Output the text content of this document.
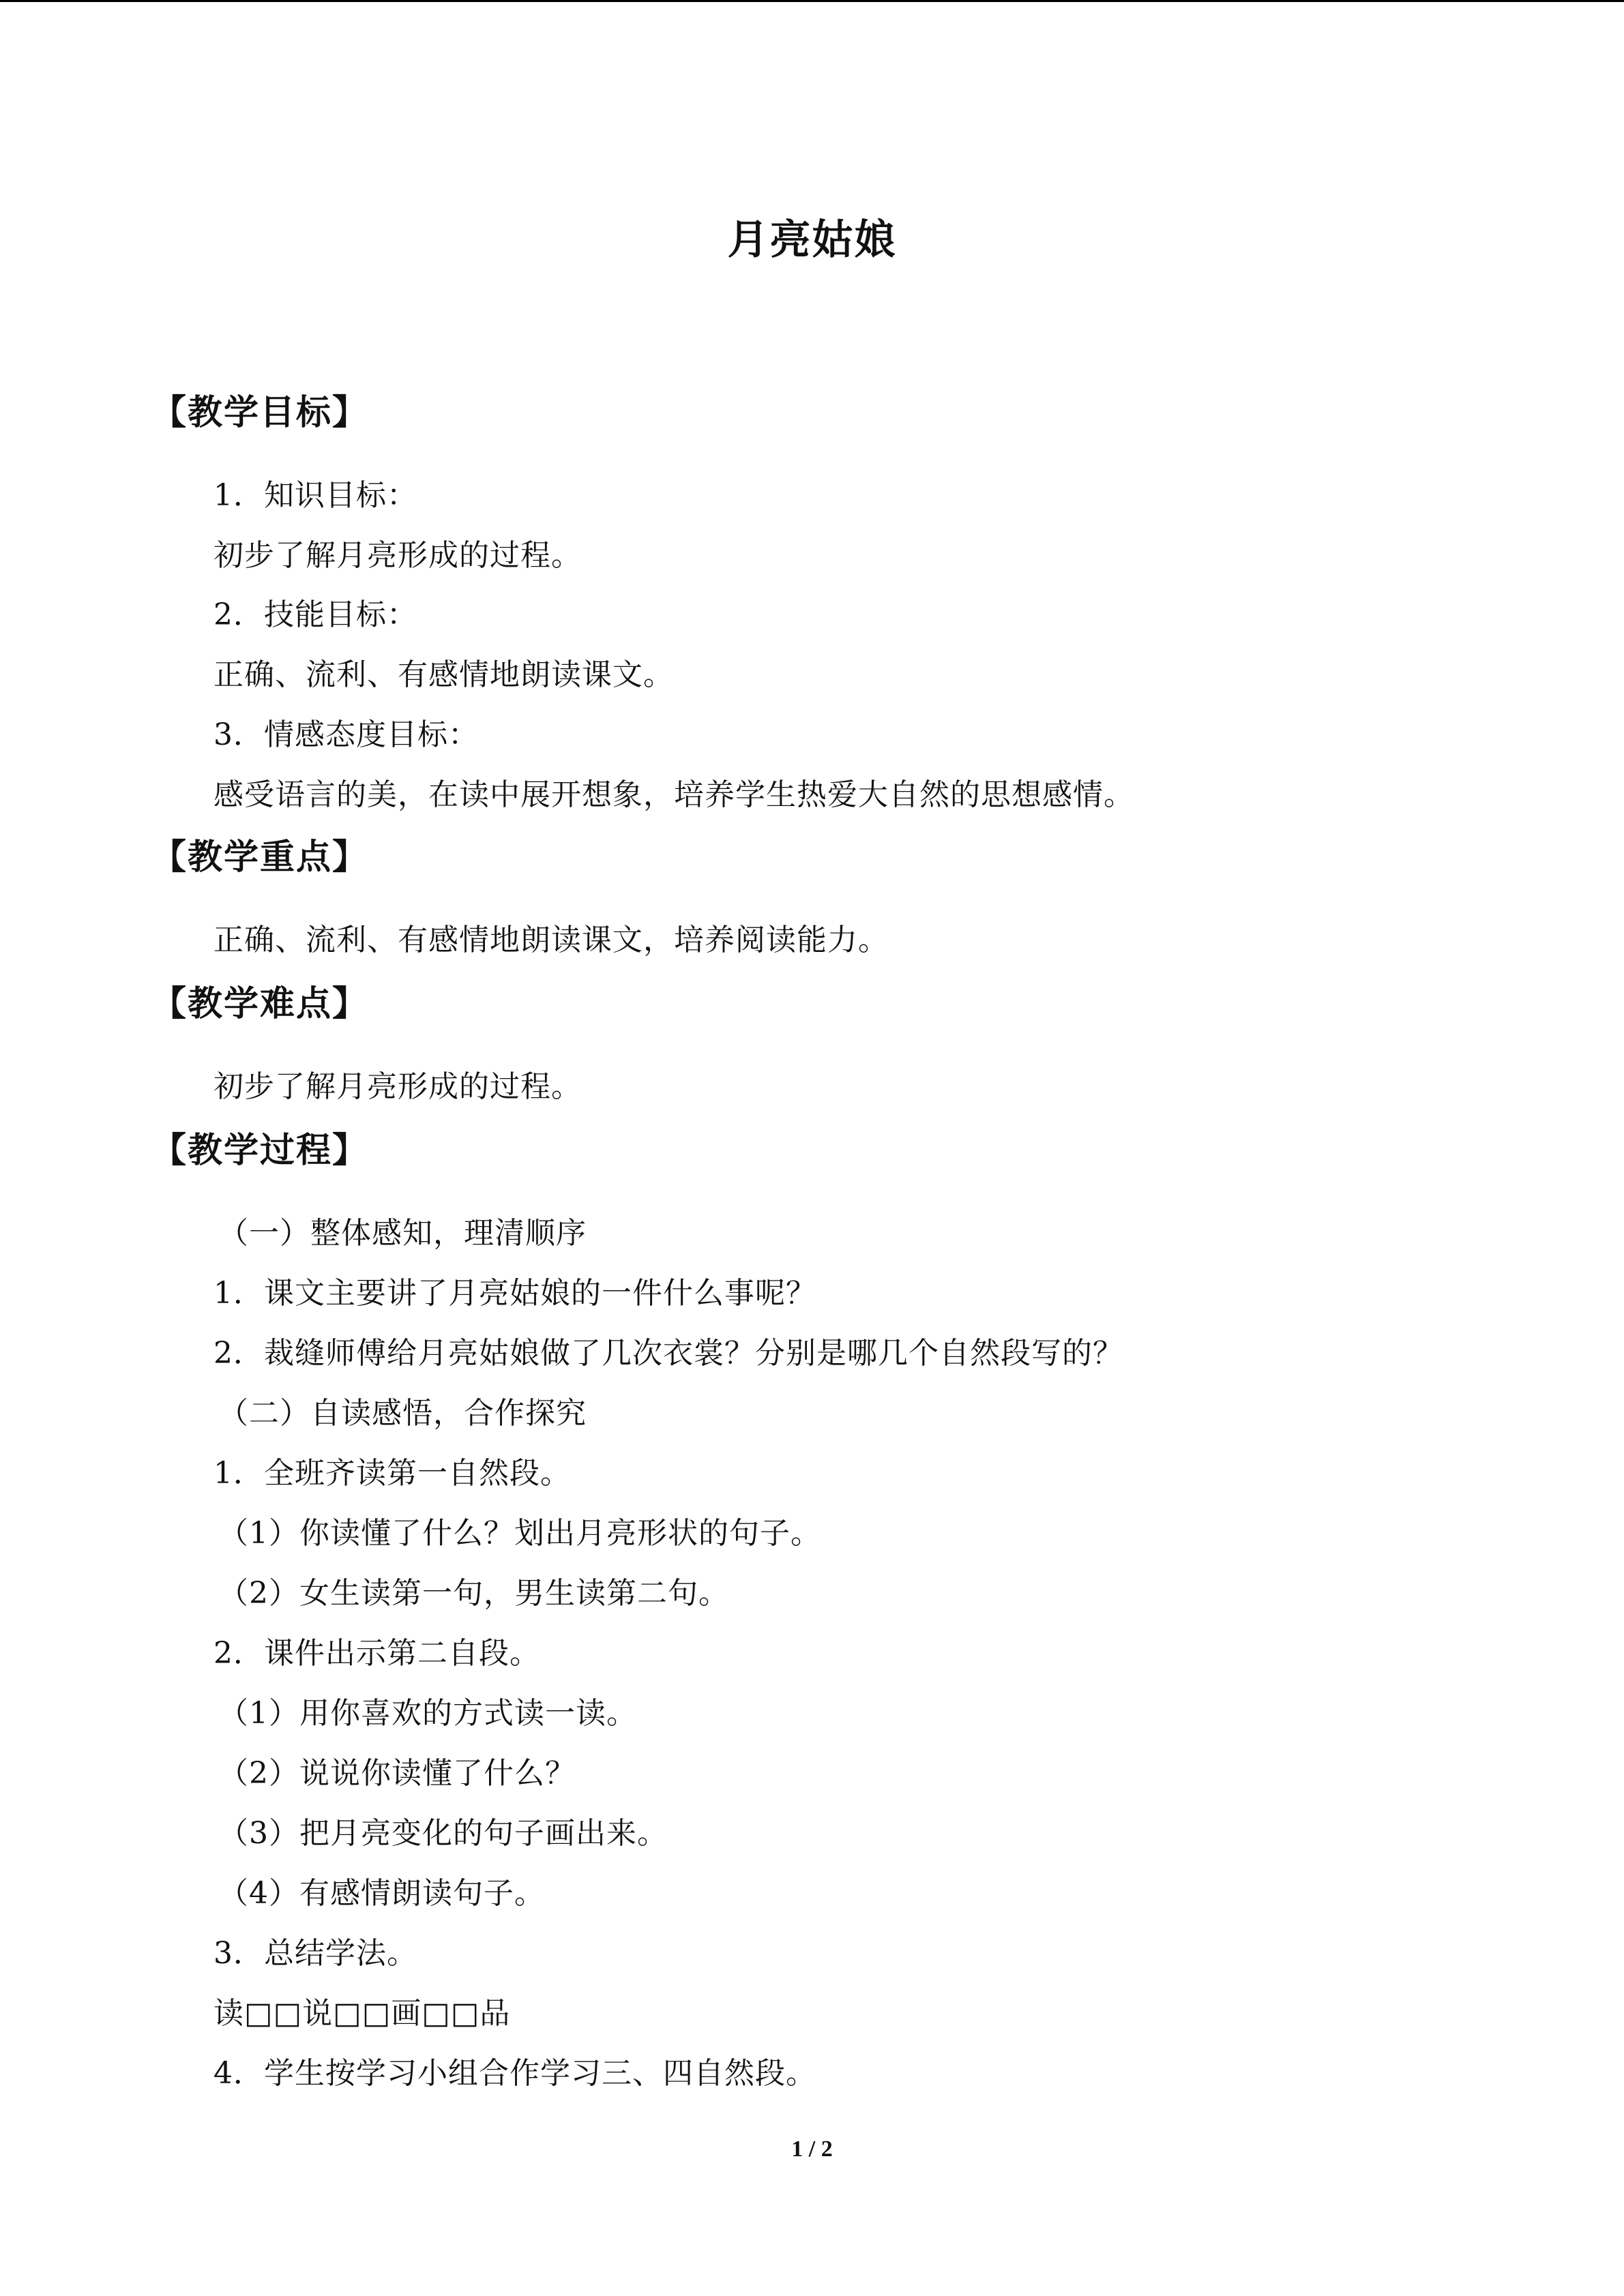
月亮姑娘
【教学目标】
1．知识目标：
初步了解月亮形成的过程。
2．技能目标：
正确、流利、有感情地朗读课文。
3．情感态度目标：
感受语言的美，在读中展开想象，培养学生热爱大自然的思想感情。
【教学重点】
正确、流利、有感情地朗读课文，培养阅读能力。
【教学难点】
初步了解月亮形成的过程。
【教学过程】
（一）整体感知，理清顺序
1．课文主要讲了月亮姑娘的一件什么事呢？
2．裁缝师傅给月亮姑娘做了几次衣裳？分别是哪几个自然段写的？
（二）自读感悟，合作探究
1．全班齐读第一自然段。
（1）你读懂了什么？划出月亮形状的句子。
（2）女生读第一句，男生读第二句。
2．课件出示第二自段。
（1）用你喜欢的方式读一读。
（2）说说你读懂了什么？
（3）把月亮变化的句子画出来。
（4）有感情朗读句子。
3．总结学法。
读□□说□□画□□品
4．学生按学习小组合作学习三、四自然段。
1 / 2
